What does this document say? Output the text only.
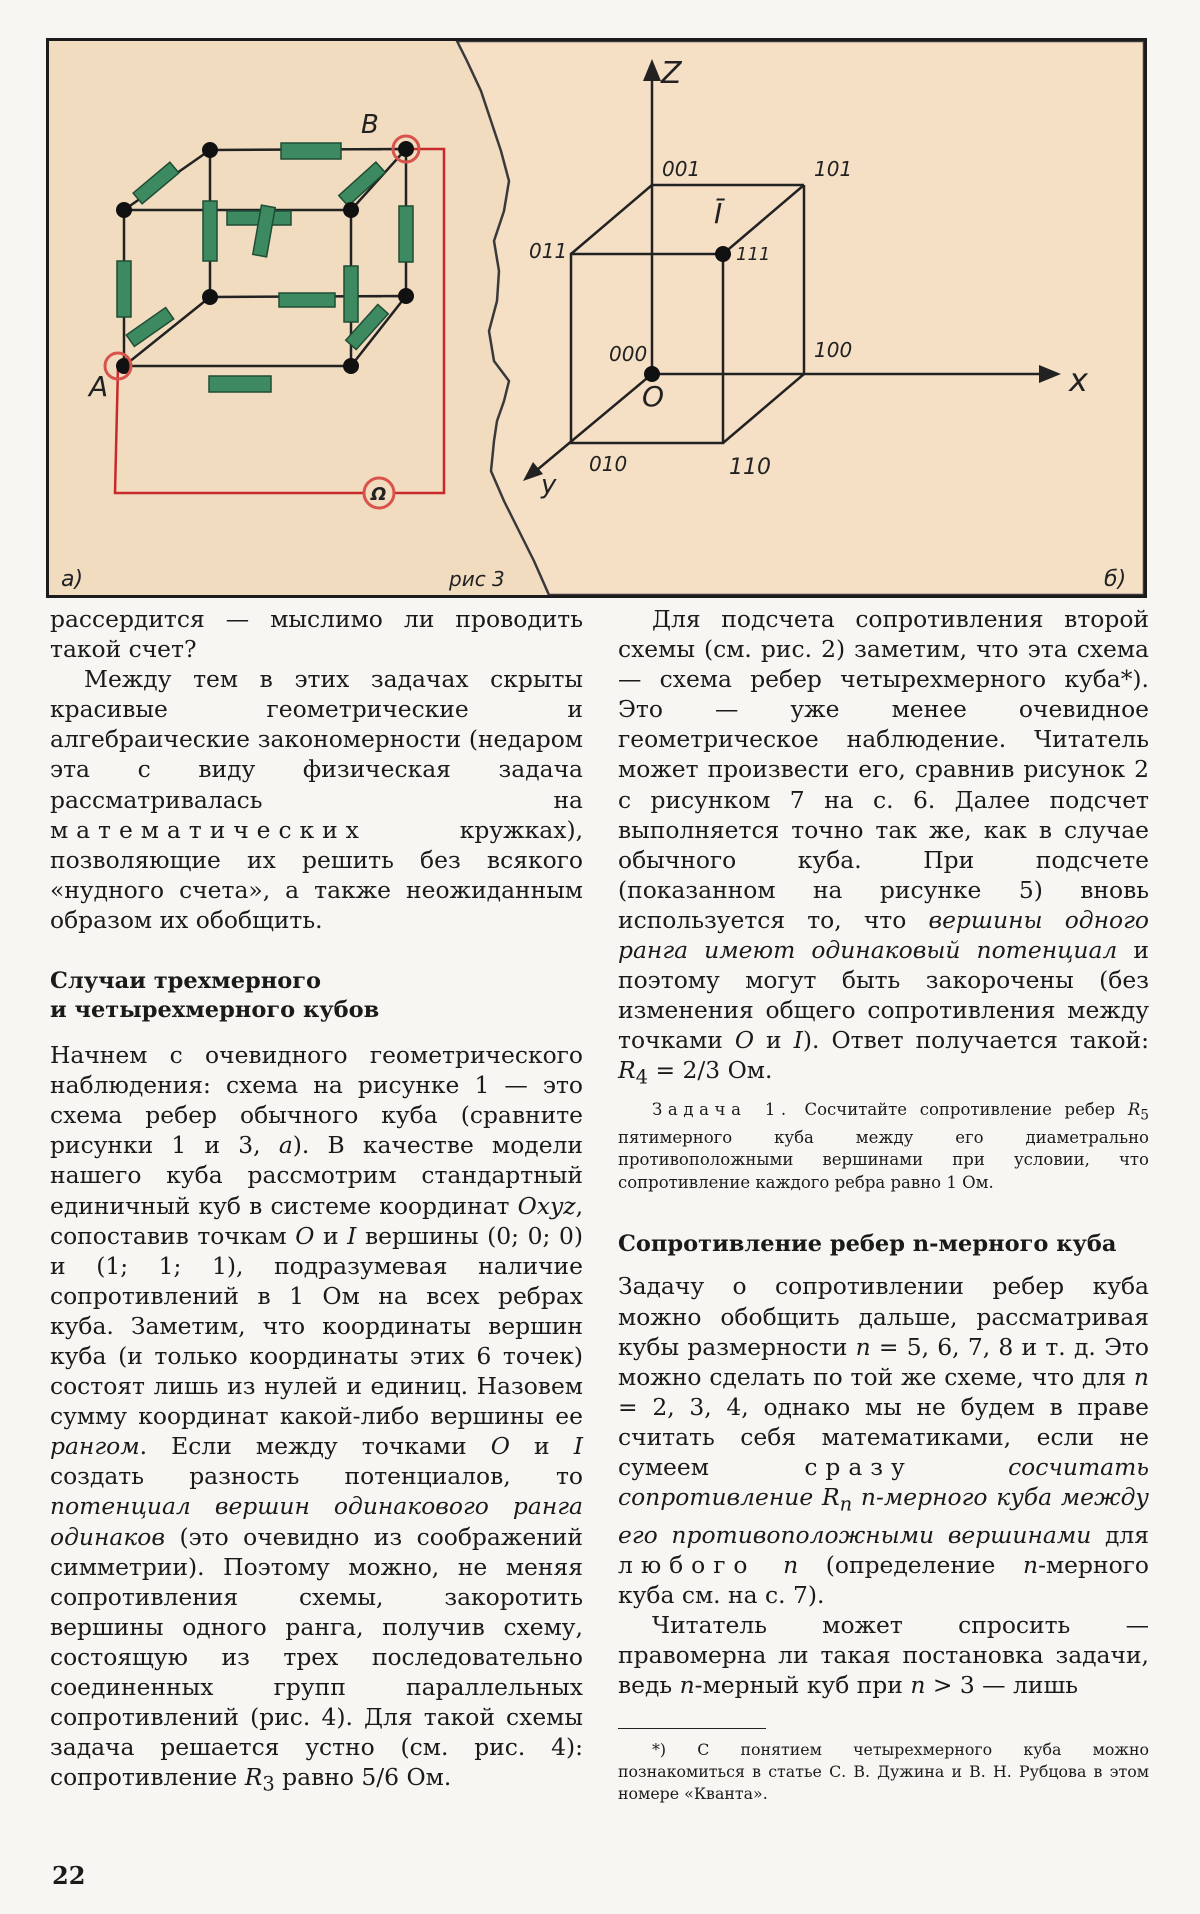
B
A
Ω
а)	рис 3
Z
x
y
001	101
011	111
000	100
010	110
O
Ī
б)

рассердится — мыслимо ли проводить такой счет?

Между тем в этих задачах скрыты красивые геометрические и алгебраические закономерности (недаром эта с виду физическая задача рассматривалась на математических кружках), позволяющие их решить без всякого «нудного счета», а также неожиданным образом их обобщить.

Случаи трехмерного
и четырехмерного кубов

Начнем с очевидного геометрического наблюдения: схема на рисунке 1 — это схема ребер обычного куба (сравните рисунки 1 и 3, а). В качестве модели нашего куба рассмотрим стандартный единичный куб в системе координат Oxyz, сопоставив точкам O и I вершины (0; 0; 0) и (1; 1; 1), подразумевая наличие сопротивлений в 1 Ом на всех ребрах куба. Заметим, что координаты вершин куба (и только координаты этих 6 точек) состоят лишь из нулей и единиц. Назовем сумму координат какой-либо вершины ее рангом. Если между точками O и I создать разность потенциалов, то потенциал вершин одинакового ранга одинаков (это очевидно из соображений симметрии). Поэтому можно, не меняя сопротивления схемы, закоротить вершины одного ранга, получив схему, состоящую из трех последовательно соединенных групп параллельных сопротивлений (рис. 4). Для такой схемы задача решается устно (см. рис. 4): сопротивление $R_3$ равно 5/6 Ом.

Для подсчета сопротивления второй схемы (см. рис. 2) заметим, что эта схема — схема ребер четырехмерного куба*). Это — уже менее очевидное геометрическое наблюдение. Читатель может произвести его, сравнив рисунок 2 с рисунком 7 на с. 6. Далее подсчет выполняется точно так же, как в случае обычного куба. При подсчете (показанном на рисунке 5) вновь используется то, что вершины одного ранга имеют одинаковый потенциал и поэтому могут быть закорочены (без изменения общего сопротивления между точками O и I). Ответ получается такой: $R_4 = 2/3$ Ом.

Задача 1. Сосчитайте сопротивление ребер $R_5$ пятимерного куба между его диаметрально противоположными вершинами при условии, что сопротивление каждого ребра равно 1 Ом.

Сопротивление ребер n-мерного куба

Задачу о сопротивлении ребер куба можно обобщить дальше, рассматривая кубы размерности n = 5, 6, 7, 8 и т. д. Это можно сделать по той же схеме, что для n = 2, 3, 4, однако мы не будем в праве считать себя математиками, если не сумеем сразу сосчитать сопротивление $R_n$ n-мерного куба между его противоположными вершинами для любого n (определение n-мерного куба см. на с. 7).

Читатель может спросить — правомерна ли такая постановка задачи, ведь n-мерный куб при n > 3 — лишь

*) С понятием четырехмерного куба можно познакомиться в статье С. В. Дужина и В. Н. Рубцова в этом номере «Кванта».

22
